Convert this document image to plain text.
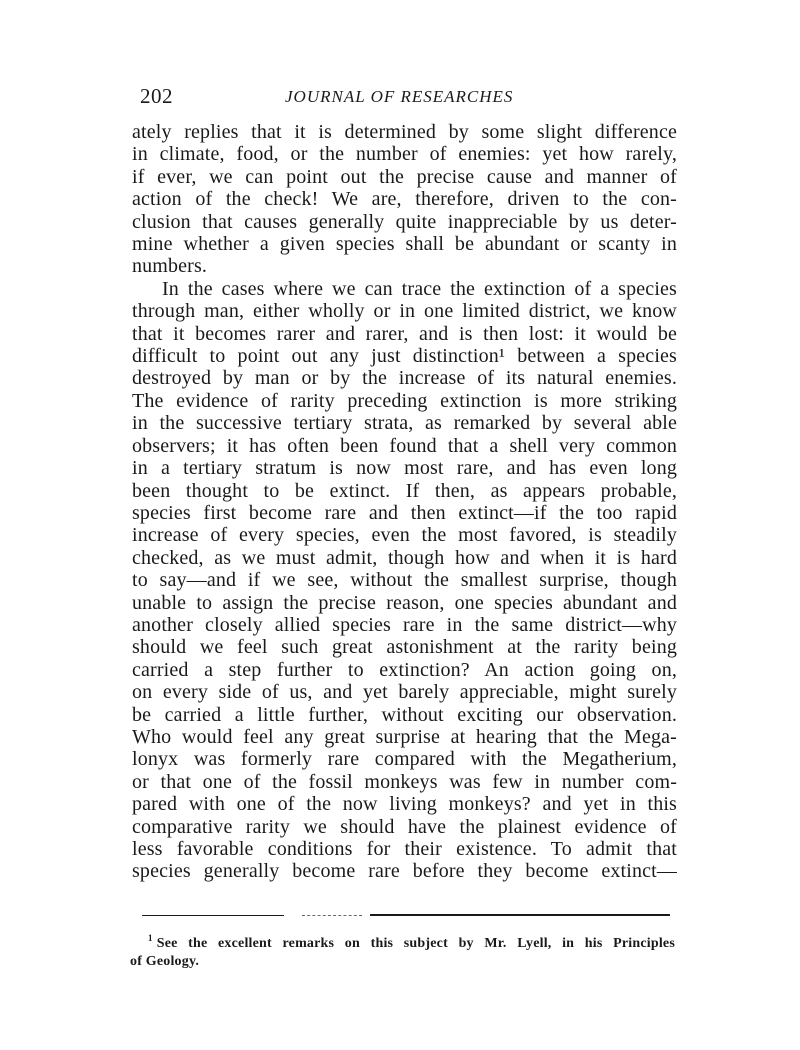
202	JOURNAL OF RESEARCHES
ately replies that it is determined by some slight difference
in climate, food, or the number of enemies: yet how rarely,
if ever, we can point out the precise cause and manner of
action of the check! We are, therefore, driven to the con-
clusion that causes generally quite inappreciable by us deter-
mine whether a given species shall be abundant or scanty in
numbers.
In the cases where we can trace the extinction of a species
through man, either wholly or in one limited district, we know
that it becomes rarer and rarer, and is then lost: it would be
difficult to point out any just distinction¹ between a species
destroyed by man or by the increase of its natural enemies.
The evidence of rarity preceding extinction is more striking
in the successive tertiary strata, as remarked by several able
observers; it has often been found that a shell very common
in a tertiary stratum is now most rare, and has even long
been thought to be extinct. If then, as appears probable,
species first become rare and then extinct—if the too rapid
increase of every species, even the most favored, is steadily
checked, as we must admit, though how and when it is hard
to say—and if we see, without the smallest surprise, though
unable to assign the precise reason, one species abundant and
another closely allied species rare in the same district—why
should we feel such great astonishment at the rarity being
carried a step further to extinction? An action going on,
on every side of us, and yet barely appreciable, might surely
be carried a little further, without exciting our observation.
Who would feel any great surprise at hearing that the Mega-
lonyx was formerly rare compared with the Megatherium,
or that one of the fossil monkeys was few in number com-
pared with one of the now living monkeys? and yet in this
comparative rarity we should have the plainest evidence of
less favorable conditions for their existence. To admit that
species generally become rare before they become extinct—
$^1$ See the excellent remarks on this subject by Mr. Lyell, in his Principles
of Geology.
